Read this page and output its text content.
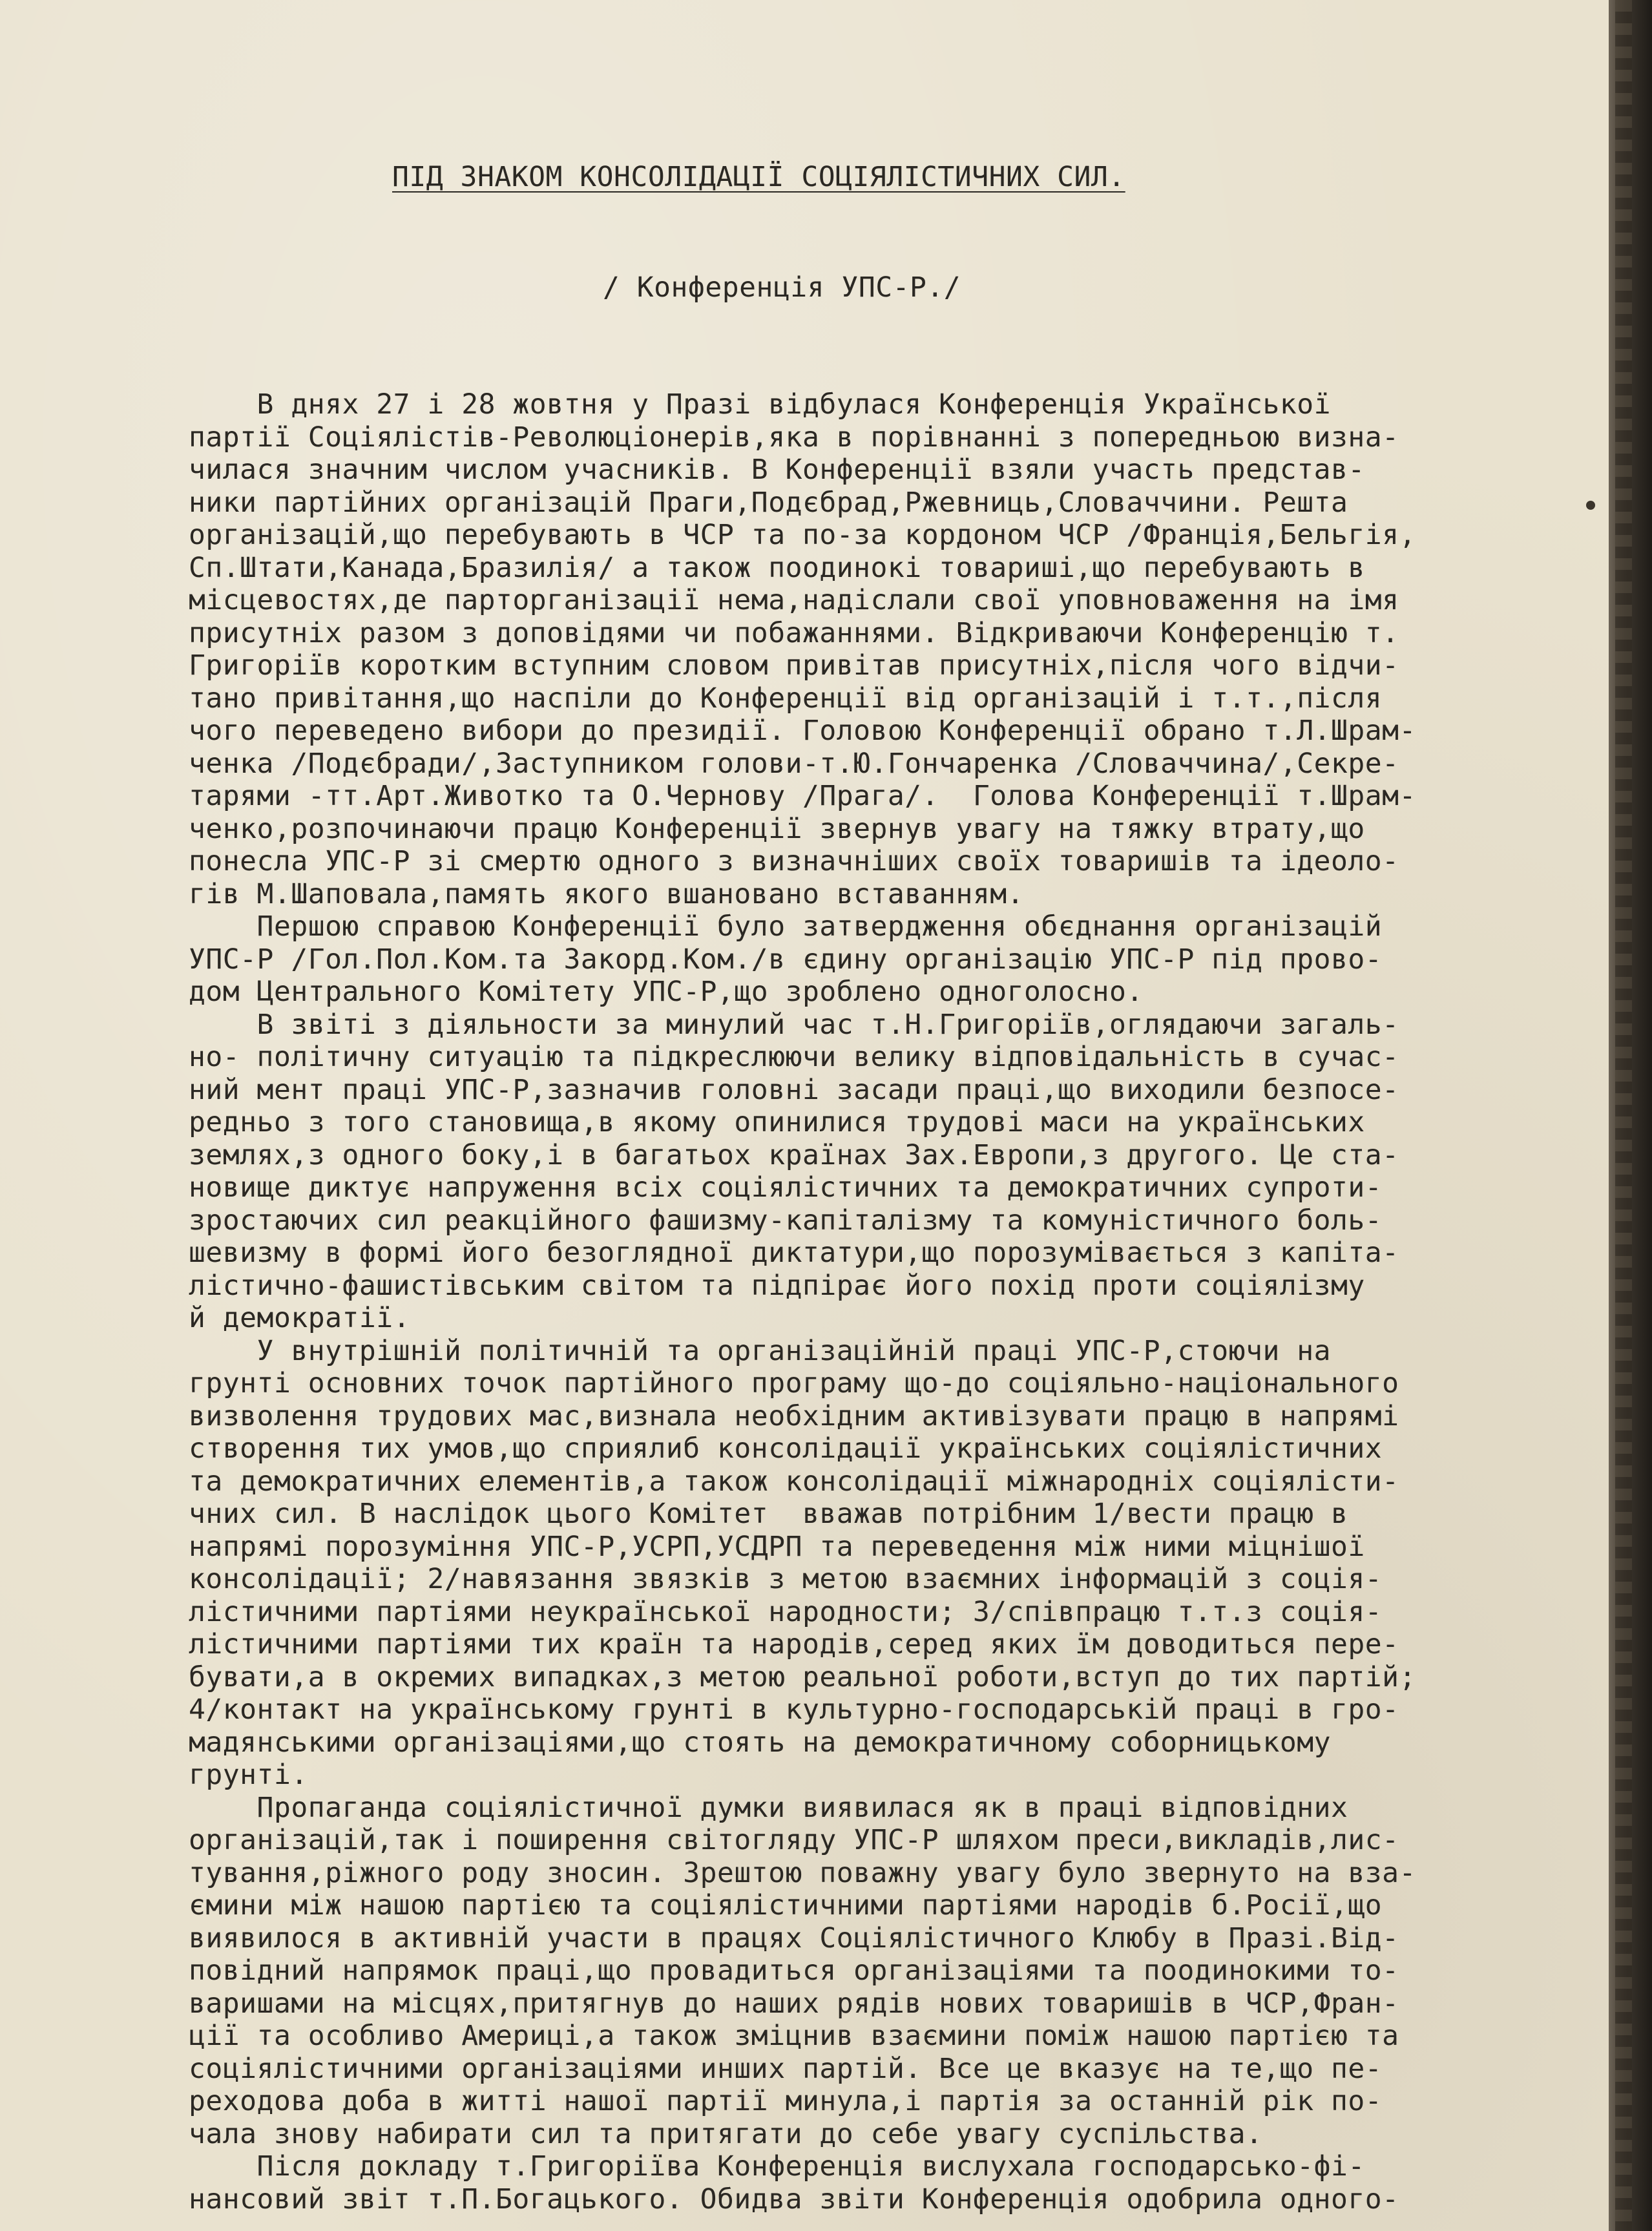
ПІД ЗНАКОМ КОНСОЛІДАЦІЇ СОЦІЯЛІСТИЧНИХ СИЛ.

/ Конференція УПС-Р./

В днях 27 і 28 жовтня у Празі відбулася Конференція Української
партії Соціялістів-Революціонерів,яка в порівнанні з попередньою визна-
чилася значним числом учасників. В Конференції взяли участь представ-
ники партійних організацій Праги,Подєбрад,Ржевниць,Словаччини. Решта
організацій,що перебувають в ЧСР та по-за кордоном ЧСР /Франція,Бельгія,
Сп.Штати,Канада,Бразилія/ а також поодинокі товариші,що перебувають в
місцевостях,де парторганізації нема,надіслали свої уповноваження на імя
присутніх разом з доповідями чи побажаннями. Відкриваючи Конференцію т.
Григоріїв коротким вступним словом привітав присутніх,після чого відчи-
тано привітання,що наспіли до Конференції від організацій і т.т.,після
чого переведено вибори до президії. Головою Конференції обрано т.Л.Шрам-
ченка /Подєбради/,Заступником голови-т.Ю.Гончаренка /Словаччина/,Секре-
тарями -тт.Арт.Животко та О.Чернову /Прага/.  Голова Конференції т.Шрам-
ченко,розпочинаючи працю Конференції звернув увагу на тяжку втрату,що
понесла УПС-Р зі смертю одного з визначніших своїх товаришів та ідеоло-
гів М.Шаповала,память якого вшановано вставанням.
Першою справою Конференції було затвердження обєднання організацій
УПС-Р /Гол.Пол.Ком.та Закорд.Ком./в єдину організацію УПС-Р під прово-
дом Центрального Комітету УПС-Р,що зроблено одноголосно.
В звіті з діяльности за минулий час т.Н.Григоріїв,оглядаючи загаль-
но- політичну ситуацію та підкреслюючи велику відповідальність в сучас-
ний мент праці УПС-Р,зазначив головні засади праці,що виходили безпосе-
редньо з того становища,в якому опинилися трудові маси на українських
землях,з одного боку,і в багатьох країнах Зах.Европи,з другого. Це ста-
новище диктує напруження всіх соціялістичних та демократичних супроти-
зростаючих сил реакційного фашизму-капіталізму та комуністичного боль-
шевизму в формі його безоглядної диктатури,що порозумівається з капіта-
лістично-фашистівським світом та підпірає його похід проти соціялізму
й демократії.
У внутрішній політичній та організаційній праці УПС-Р,стоючи на
грунті основних точок партійного програму що-до соціяльно-національного
визволення трудових мас,визнала необхідним активізувати працю в напрямі
створення тих умов,що сприялиб консолідації українських соціялістичних
та демократичних елементів,а також консолідації міжнародніх соціялісти-
чних сил. В наслідок цього Комітет  вважав потрібним 1/вести працю в
напрямі порозуміння УПС-Р,УСРП,УСДРП та переведення між ними міцнішої
консолідації; 2/навязання звязків з метою взаємних інформацій з соція-
лістичними партіями неукраїнської народности; 3/співпрацю т.т.з соція-
лістичними партіями тих країн та народів,серед яких їм доводиться пере-
бувати,а в окремих випадках,з метою реальної роботи,вступ до тих партій;
4/контакт на українському грунті в культурно-господарській праці в гро-
мадянськими організаціями,що стоять на демократичному соборницькому
грунті.
Пропаганда соціялістичної думки виявилася як в праці відповідних
організацій,так і поширення світогляду УПС-Р шляхом преси,викладів,лис-
тування,ріжного роду зносин. Зрештою поважну увагу було звернуто на вза-
ємини між нашою партією та соціялістичними партіями народів б.Росії,що
виявилося в активній участи в працях Соціялістичного Клюбу в Празі.Від-
повідний напрямок праці,що провадиться організаціями та поодинокими то-
варишами на місцях,притягнув до наших рядів нових товаришів в ЧСР,Фран-
ції та особливо Америці,а також зміцнив взаємини поміж нашою партією та
соціялістичними організаціями инших партій. Все це вказує на те,що пе-
реходова доба в житті нашої партії минула,і партія за останній рік по-
чала знову набирати сил та притягати до себе увагу суспільства.
Після докладу т.Григоріїва Конференція вислухала господарсько-фі-
нансовий звіт т.П.Богацького. Обидва звіти Конференція одобрила одного-
